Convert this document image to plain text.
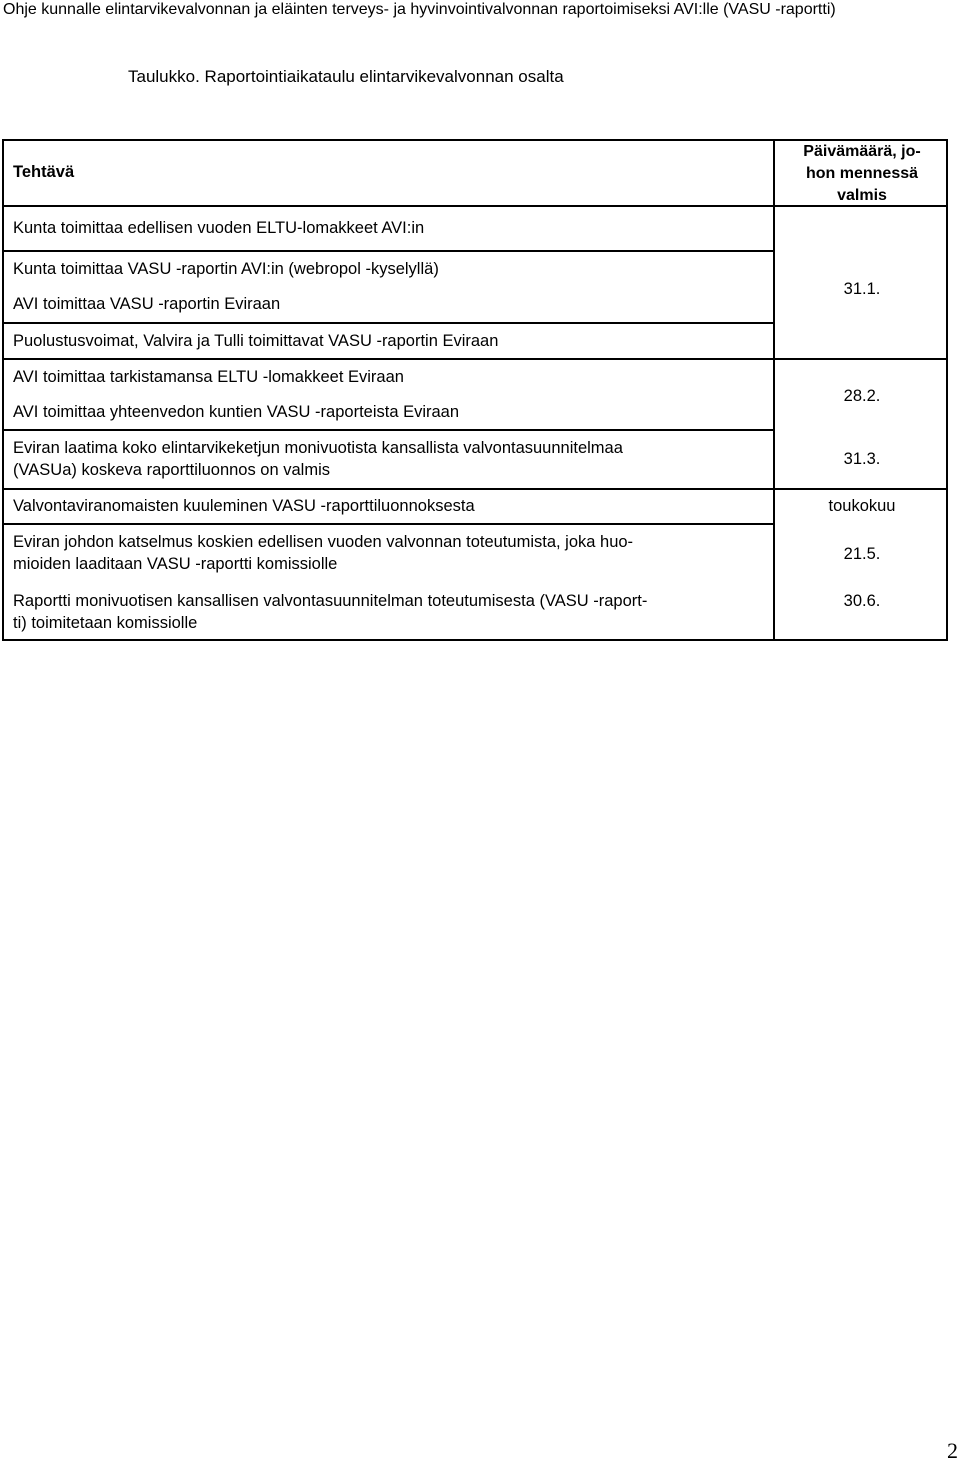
Ohje kunnalle elintarvikevalvonnan ja eläinten terveys- ja hyvinvointivalvonnan raportoimiseksi AVI:lle (VASU -raportti)
Taulukko. Raportointiaikataulu elintarvikevalvonnan osalta
Tehtävä
Päivämäärä, jo-
hon mennessä
valmis
Kunta toimittaa edellisen vuoden ELTU-lomakkeet AVI:in
Kunta toimittaa VASU -raportin AVI:in (webropol -kyselyllä)
AVI toimittaa VASU -raportin Eviraan
Puolustusvoimat, Valvira ja Tulli toimittavat VASU -raportin Eviraan
AVI toimittaa tarkistamansa ELTU -lomakkeet Eviraan
AVI toimittaa yhteenvedon kuntien VASU -raporteista Eviraan
Eviran laatima koko elintarvikeketjun monivuotista kansallista valvontasuunnitelmaa
(VASUa) koskeva raporttiluonnos on valmis
Valvontaviranomaisten kuuleminen VASU -raporttiluonnoksesta
Eviran johdon katselmus koskien edellisen vuoden valvonnan toteutumista, joka huo-
mioiden laaditaan VASU -raportti komissiolle
Raportti monivuotisen kansallisen valvontasuunnitelman toteutumisesta (VASU -raport-
ti) toimitetaan komissiolle
31.1.
28.2.
31.3.
toukokuu
21.5.
30.6.
2
